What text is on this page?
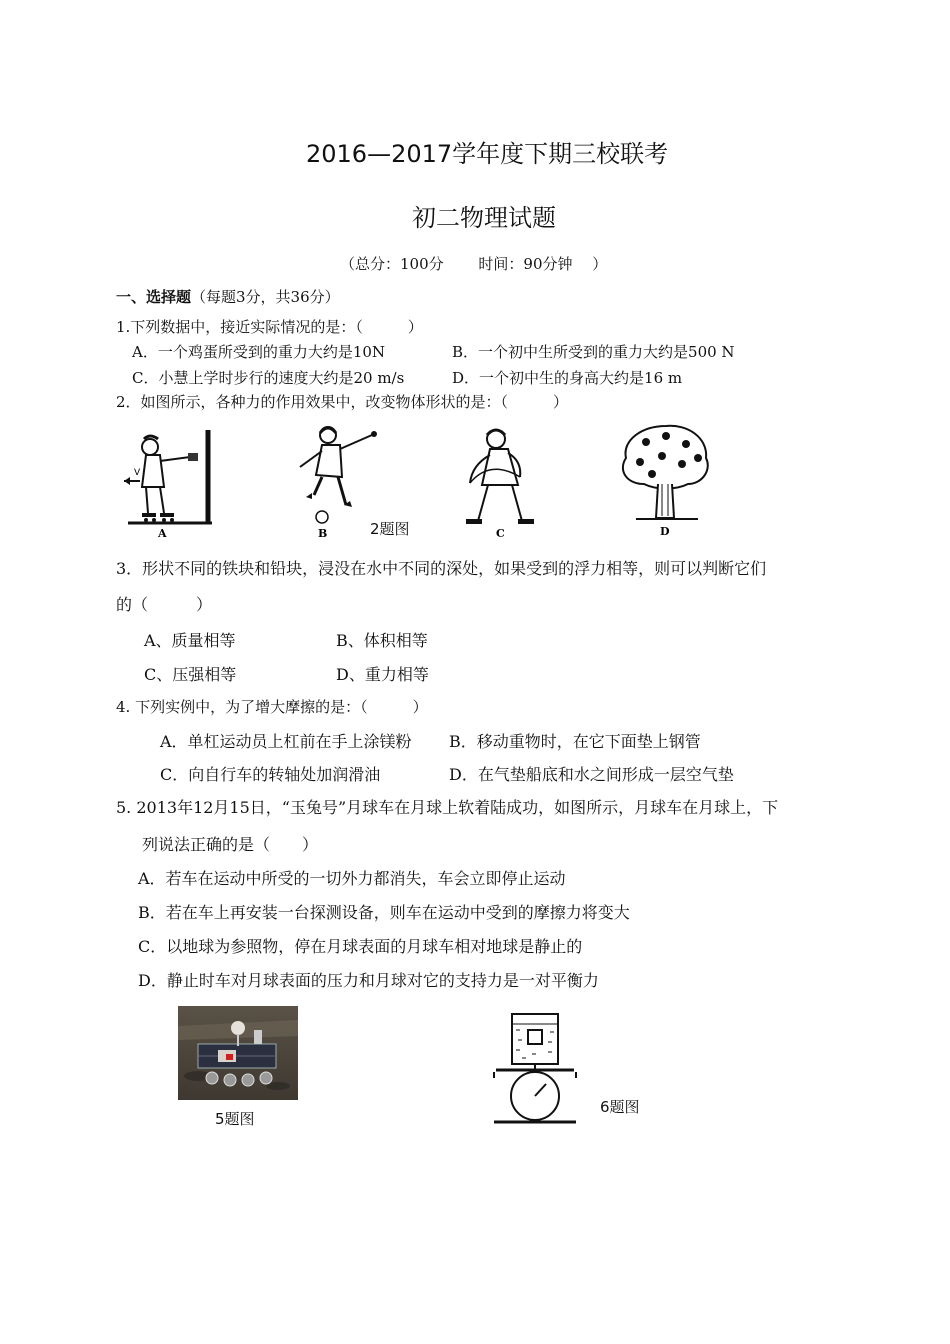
2016—2017学年度下期三校联考
初二物理试题
（总分：100分　　 时间：90分钟　 ）
一、选择题（每题3分，共36分）
1.下列数据中，接近实际情况的是：（　　　）
A．一个鸡蛋所受到的重力大约是10N	B．一个初中生所受到的重力大约是500 N
C．小慧上学时步行的速度大约是20 m/s	D．一个初中生的身高大约是16 m
2．如图所示，各种力的作用效果中，改变物体形状的是：（　　　）
V
A	B	2题图	C	D
3．形状不同的铁块和铅块，浸没在水中不同的深处，如果受到的浮力相等，则可以判断它们
的（　　　）
A、质量相等	B、体积相等
C、压强相等	D、重力相等
4. 下列实例中，为了增大摩擦的是：（　　　）
A．单杠运动员上杠前在手上涂镁粉 B．移动重物时，在它下面垫上钢管
C．向自行车的转轴处加润滑油	D．在气垫船底和水之间形成一层空气垫
5. 2013年12月15日，“玉兔号”月球车在月球上软着陆成功，如图所示，月球车在月球上，下
列说法正确的是（　　）
A．若车在运动中所受的一切外力都消失，车会立即停止运动
B．若在车上再安装一台探测设备，则车在运动中受到的摩擦力将变大
C．以地球为参照物，停在月球表面的月球车相对地球是静止的
D．静止时车对月球表面的压力和月球对它的支持力是一对平衡力
5题图
6题图
